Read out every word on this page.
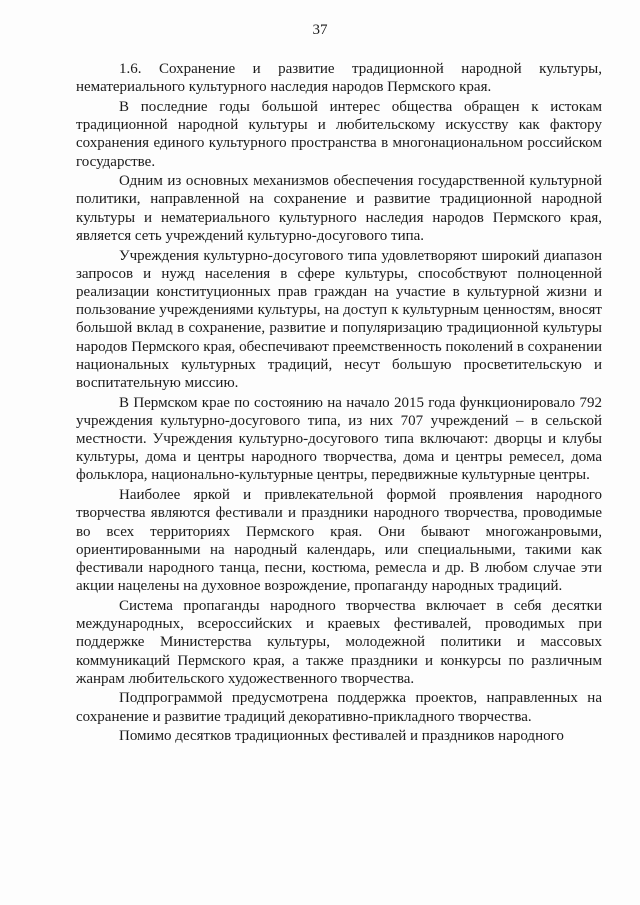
37

1.6. Сохранение и развитие традиционной народной культуры, нематериального культурного наследия народов Пермского края.

В последние годы большой интерес общества обращен к истокам традиционной народной культуры и любительскому искусству как фактору сохранения единого культурного пространства в многонациональном российском государстве.

Одним из основных механизмов обеспечения государственной культурной политики, направленной на сохранение и развитие традиционной народной культуры и нематериального культурного наследия народов Пермского края, является сеть учреждений культурно-досугового типа.

Учреждения культурно-досугового типа удовлетворяют широкий диапазон запросов и нужд населения в сфере культуры, способствуют полноценной реализации конституционных прав граждан на участие в культурной жизни и пользование учреждениями культуры, на доступ к культурным ценностям, вносят большой вклад в сохранение, развитие и популяризацию традиционной культуры народов Пермского края, обеспечивают преемственность поколений в сохранении национальных культурных традиций, несут большую просветительскую и воспитательную миссию.

В Пермском крае по состоянию на начало 2015 года функционировало 792 учреждения культурно-досугового типа, из них 707 учреждений – в сельской местности. Учреждения культурно-досугового типа включают: дворцы и клубы культуры, дома и центры народного творчества, дома и центры ремесел, дома фольклора, национально-культурные центры, передвижные культурные центры.

Наиболее яркой и привлекательной формой проявления народного творчества являются фестивали и праздники народного творчества, проводимые во всех территориях Пермского края. Они бывают многожанровыми, ориентированными на народный календарь, или специальными, такими как фестивали народного танца, песни, костюма, ремесла и др. В любом случае эти акции нацелены на духовное возрождение, пропаганду народных традиций.

Система пропаганды народного творчества включает в себя десятки международных, всероссийских и краевых фестивалей, проводимых при поддержке Министерства культуры, молодежной политики и массовых коммуникаций Пермского края, а также праздники и конкурсы по различным жанрам любительского художественного творчества.

Подпрограммой предусмотрена поддержка проектов, направленных на сохранение и развитие традиций декоративно-прикладного творчества.

Помимо десятков традиционных фестивалей и праздников народного
